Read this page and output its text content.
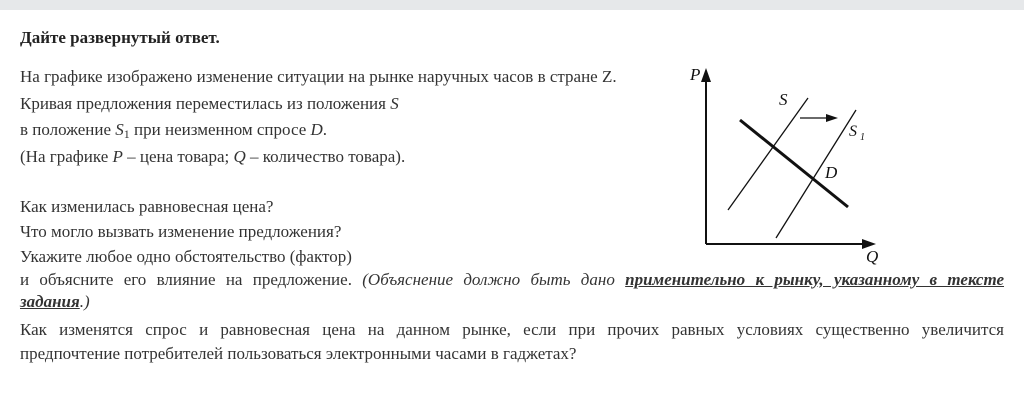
Дайте развернутый ответ.
На графике изображено изменение ситуации на рынке наручных часов в стране Z.
Кривая предложения переместилась из положения S
в положение $S_1$ при неизменном спросе D.
(На графике P – цена товара; Q – количество товара).
Как изменилась равновесная цена?
Что могло вызвать изменение предложения?
Укажите любое одно обстоятельство (фактор)
и объясните его влияние на предложение. (Объяснение должно быть дано применительно к рынку, указанному в тексте
задания.)
Как изменятся спрос и равновесная цена на данном рынке, если при прочих равных условиях существенно увеличится
предпочтение потребителей пользоваться электронными часами в гаджетах?
P
Q
S
S 1
D
